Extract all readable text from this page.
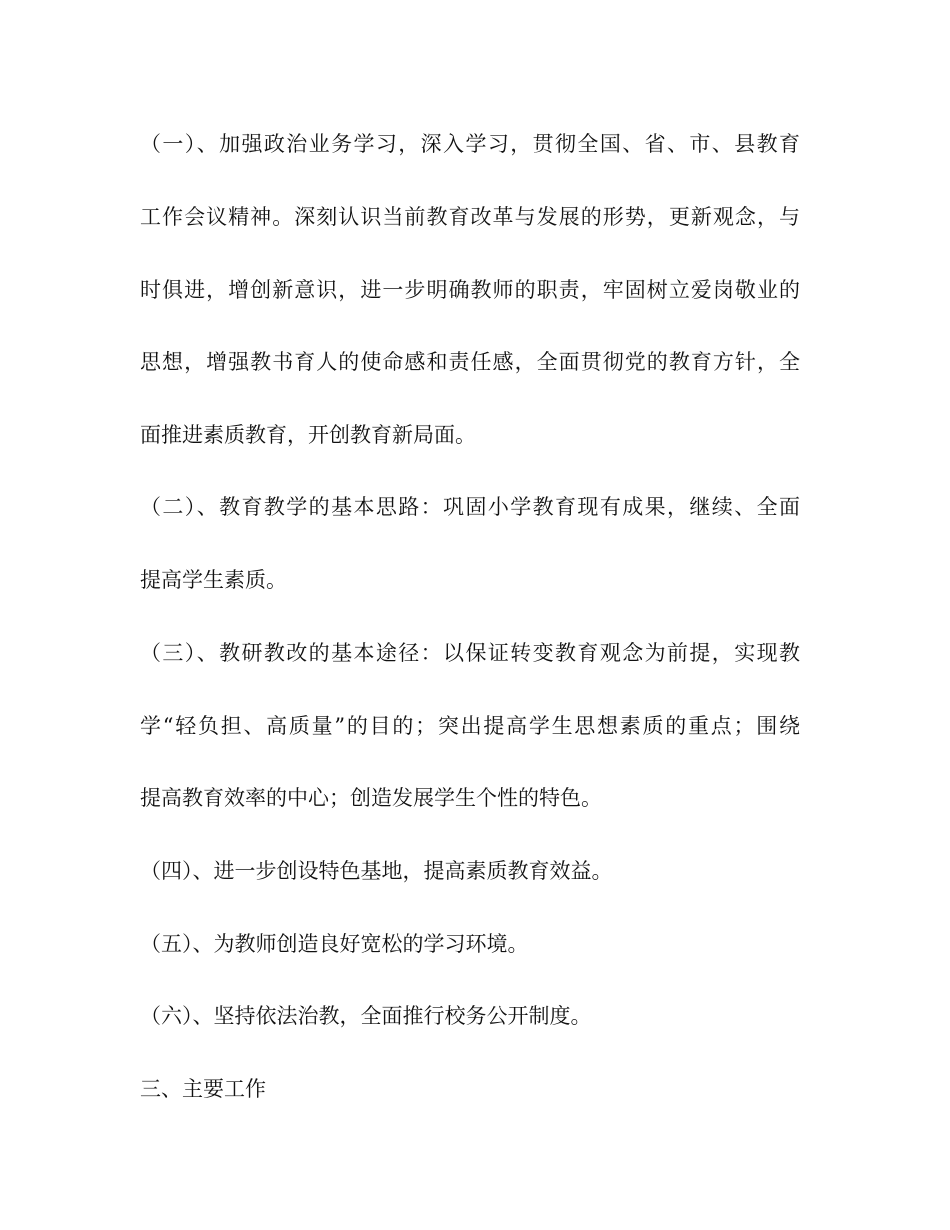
（一）、加强政治业务学习，深入学习，贯彻全国、省、市、县教育
工作会议精神。深刻认识当前教育改革与发展的形势，更新观念，与
时俱进，增创新意识，进一步明确教师的职责，牢固树立爱岗敬业的
思想，增强教书育人的使命感和责任感，全面贯彻党的教育方针，全
面推进素质教育，开创教育新局面。
（二）、教育教学的基本思路：巩固小学教育现有成果，继续、全面
提高学生素质。
（三）、教研教改的基本途径：以保证转变教育观念为前提，实现教
学“轻负担、高质量”的目的；突出提高学生思想素质的重点；围绕
提高教育效率的中心；创造发展学生个性的特色。
（四）、进一步创设特色基地，提高素质教育效益。
（五）、为教师创造良好宽松的学习环境。
（六）、坚持依法治教，全面推行校务公开制度。
三、主要工作
